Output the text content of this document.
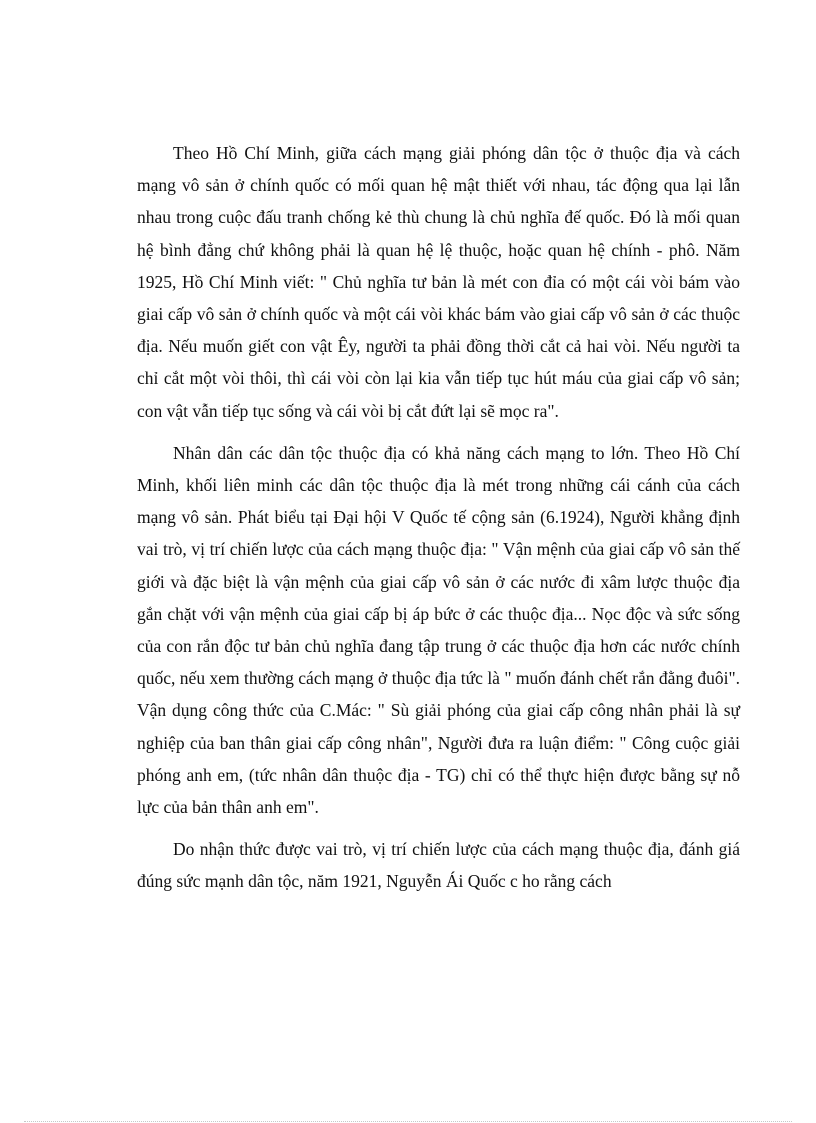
Theo Hồ Chí Minh, giữa cách mạng giải phóng dân tộc ở thuộc địa và cách mạng vô sản ở chính quốc có mối quan hệ mật thiết với nhau, tác động qua lại lẫn nhau trong cuộc đấu tranh chống kẻ thù chung là chủ nghĩa đế quốc. Đó là mối quan hệ bình đẳng chứ không phải là quan hệ lệ thuộc, hoặc quan hệ chính - phô. Năm 1925, Hồ Chí Minh viết: " Chủ nghĩa tư bản là mét con đỉa có một cái vòi bám vào giai cấp vô sản ở chính quốc và một cái vòi khác bám vào giai cấp vô sản ở các thuộc địa. Nếu muốn giết con vật Êy, người ta phải đồng thời cắt cả hai vòi. Nếu người ta chỉ cắt một vòi thôi, thì cái vòi còn lại kia vẫn tiếp tục hút máu của giai cấp vô sản; con vật vẫn tiếp tục sống và cái vòi bị cắt đứt lại sẽ mọc ra".

Nhân dân các dân tộc thuộc địa có khả năng cách mạng to lớn. Theo Hồ Chí Minh, khối liên minh các dân tộc thuộc địa là mét trong những cái cánh của cách mạng vô sản. Phát biểu tại Đại hội V Quốc tế cộng sản (6.1924), Người khẳng định vai trò, vị trí chiến lược của cách mạng thuộc địa: " Vận mệnh của giai cấp vô sản thế giới và đặc biệt là vận mệnh của giai cấp vô sản ở các nước đi xâm lược thuộc địa gắn chặt với vận mệnh của giai cấp bị áp bức ở các thuộc địa... Nọc độc và sức sống của con rắn độc tư bản chủ nghĩa đang tập trung ở các thuộc địa hơn các nước chính quốc, nếu xem thường cách mạng ở thuộc địa tức là " muốn đánh chết rắn đằng đuôi". Vận dụng công thức của C.Mác: " Sù giải phóng của giai cấp công nhân phải là sự nghiệp của ban thân giai cấp công nhân", Người đưa ra luận điểm: " Công cuộc giải phóng anh em, (tức nhân dân thuộc địa - TG) chỉ có thể thực hiện được bằng sự nỗ lực của bản thân anh em".

Do nhận thức được vai trò, vị trí chiến lược của cách mạng thuộc địa, đánh giá đúng sức mạnh dân tộc, năm 1921, Nguyễn Ái Quốc c ho rằng cách
